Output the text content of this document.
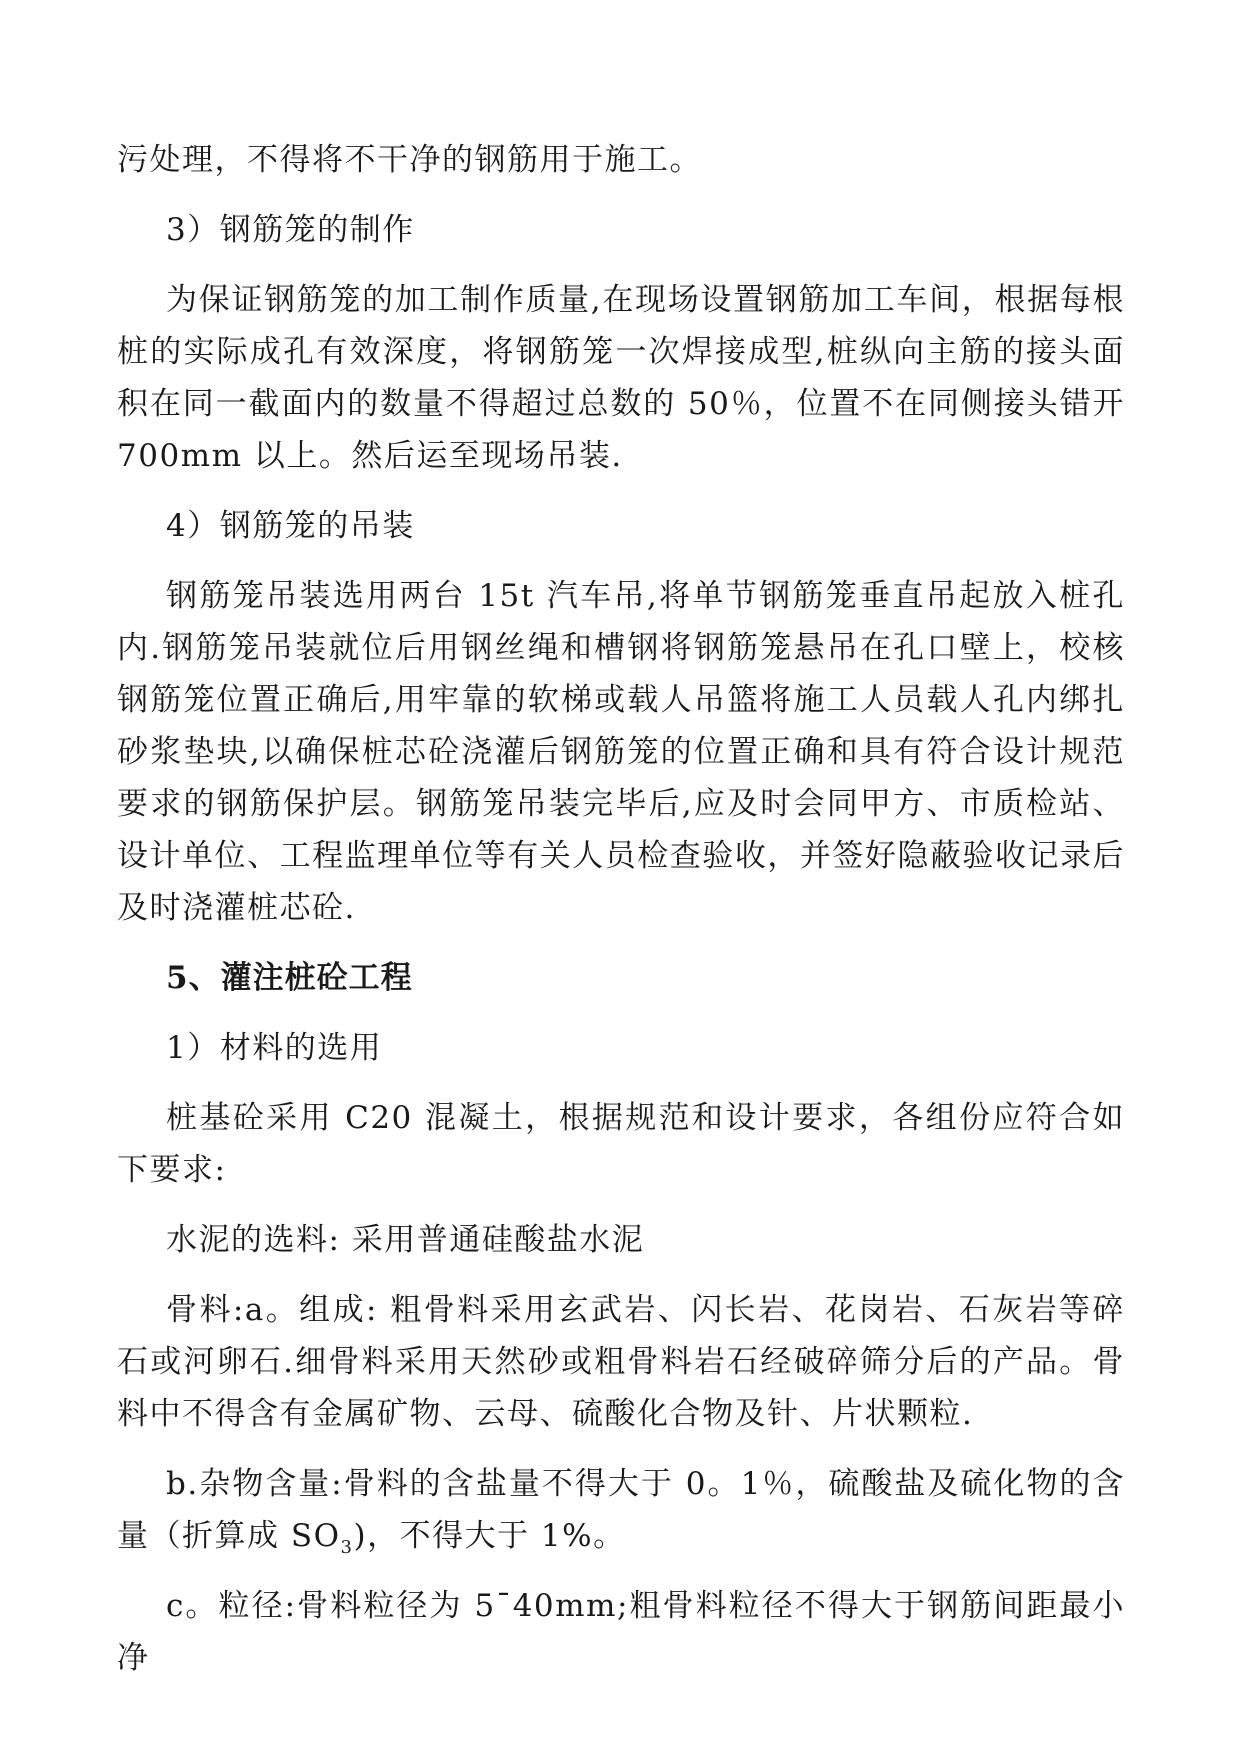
污处理，不得将不干净的钢筋用于施工。

3）钢筋笼的制作

为保证钢筋笼的加工制作质量,在现场设置钢筋加工车间，根据每根桩的实际成孔有效深度，将钢筋笼一次焊接成型,桩纵向主筋的接头面积在同一截面内的数量不得超过总数的 50％，位置不在同侧接头错开 700mm 以上。然后运至现场吊装.

4）钢筋笼的吊装

钢筋笼吊装选用两台 15t 汽车吊,将单节钢筋笼垂直吊起放入桩孔内.钢筋笼吊装就位后用钢丝绳和槽钢将钢筋笼悬吊在孔口壁上，校核钢筋笼位置正确后,用牢靠的软梯或载人吊篮将施工人员载人孔内绑扎砂浆垫块,以确保桩芯砼浇灌后钢筋笼的位置正确和具有符合设计规范要求的钢筋保护层。钢筋笼吊装完毕后,应及时会同甲方、市质检站、设计单位、工程监理单位等有关人员检查验收，并签好隐蔽验收记录后及时浇灌桩芯砼.

5、灌注桩砼工程

1）材料的选用

桩基砼采用 C20 混凝土，根据规范和设计要求，各组份应符合如下要求:

水泥的选料: 采用普通硅酸盐水泥

骨料:a。组成: 粗骨料采用玄武岩、闪长岩、花岗岩、石灰岩等碎石或河卵石.细骨料采用天然砂或粗骨料岩石经破碎筛分后的产品。骨料中不得含有金属矿物、云母、硫酸化合物及针、片状颗粒.

b.杂物含量:骨料的含盐量不得大于 0。1％，硫酸盐及硫化物的含量（折算成 $SO_3$)，不得大于 1%。

c。粒径:骨料粒径为 5¯40mm;粗骨料粒径不得大于钢筋间距最小净
